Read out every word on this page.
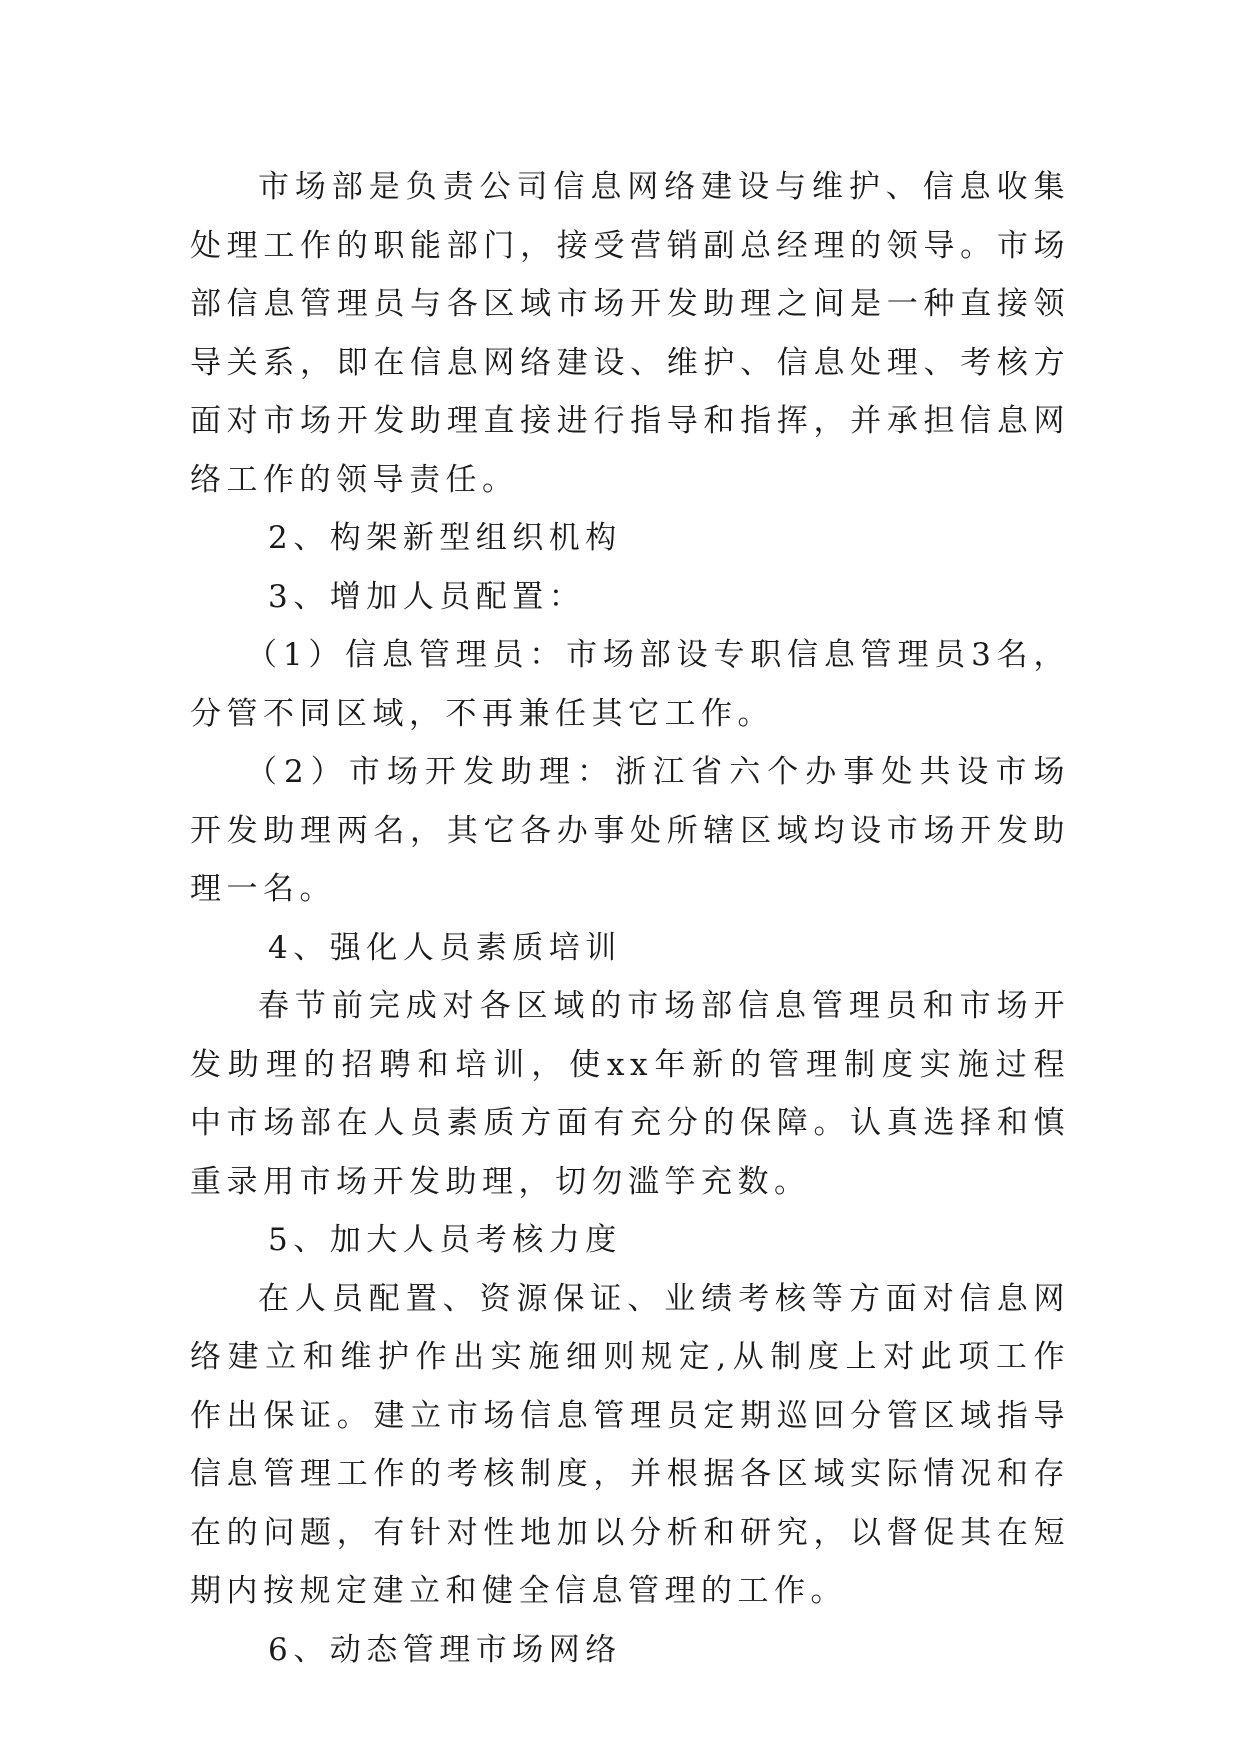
市场部是负责公司信息网络建设与维护、信息收集处理工作的职能部门，接受营销副总经理的领导。市场部信息管理员与各区域市场开发助理之间是一种直接领导关系，即在信息网络建设、维护、信息处理、考核方面对市场开发助理直接进行指导和指挥，并承担信息网络工作的领导责任。

2、构架新型组织机构

3、增加人员配置：

（1）信息管理员：市场部设专职信息管理员3名，分管不同区域，不再兼任其它工作。

（2）市场开发助理：浙江省六个办事处共设市场开发助理两名，其它各办事处所辖区域均设市场开发助理一名。

4、强化人员素质培训

春节前完成对各区域的市场部信息管理员和市场开发助理的招聘和培训，使xx年新的管理制度实施过程中市场部在人员素质方面有充分的保障。认真选择和慎重录用市场开发助理，切勿滥竽充数。

5、加大人员考核力度

在人员配置、资源保证、业绩考核等方面对信息网络建立和维护作出实施细则规定,从制度上对此项工作作出保证。建立市场信息管理员定期巡回分管区域指导信息管理工作的考核制度，并根据各区域实际情况和存在的问题，有针对性地加以分析和研究，以督促其在短期内按规定建立和健全信息管理的工作。

6、动态管理市场网络
